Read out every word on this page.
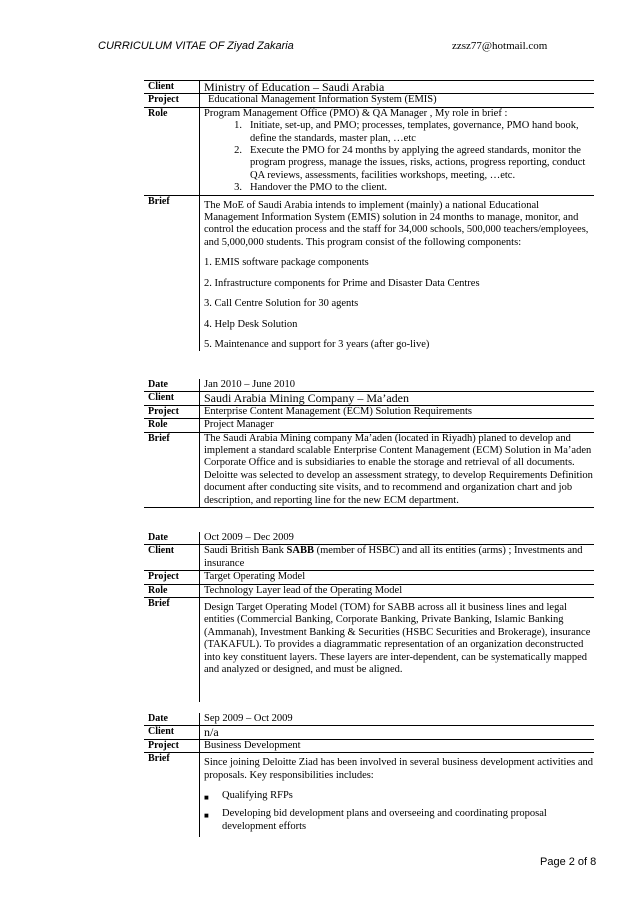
CURRICULUM VITAE OF Ziyad Zakaria	zzsz77@hotmail.com
Client	Ministry of Education – Saudi Arabia
Project	Educational Management Information System (EMIS)
Role	Program Management Office (PMO) & QA Manager , My role in brief :
1. Initiate, set-up, and PMO; processes, templates, governance, PMO hand book, define the standards, master plan, …etc
2. Execute the PMO for 24 months by applying the agreed standards, monitor the program progress, manage the issues, risks, actions, progress reporting, conduct QA reviews, assessments, facilities workshops, meeting, …etc.
3. Handover the PMO to the client.
Brief	The MoE of Saudi Arabia intends to implement (mainly) a national Educational Management Information System (EMIS) solution in 24 months to manage, monitor, and control the education process and the staff for 34,000 schools, 500,000 teachers/employees, and 5,000,000 students. This program consist of the following components:
1. EMIS software package components
2. Infrastructure components for Prime and Disaster Data Centres
3. Call Centre Solution for 30 agents
4. Help Desk Solution
5. Maintenance and support for 3 years (after go-live)
Date	Jan 2010 – June 2010
Client	Saudi Arabia Mining Company – Ma’aden
Project	Enterprise Content Management (ECM) Solution Requirements
Role	Project Manager
Brief	The Saudi Arabia Mining company Ma’aden (located in Riyadh) planed to develop and implement a standard scalable Enterprise Content Management (ECM) Solution in Ma’aden Corporate Office and is subsidiaries to enable the storage and retrieval of all documents. Deloitte was selected to develop an assessment strategy, to develop Requirements Definition document after conducting site visits, and to recommend and organization chart and job description, and reporting line for the new ECM department.
Date	Oct 2009 – Dec 2009
Client	Saudi British Bank SABB (member of HSBC) and all its entities (arms) ; Investments and insurance
Project	Target Operating Model
Role	Technology Layer lead of the Operating Model
Brief	Design Target Operating Model (TOM) for SABB across all it business lines and legal entities (Commercial Banking, Corporate Banking, Private Banking, Islamic Banking (Ammanah), Investment Banking & Securities (HSBC Securities and Brokerage), insurance (TAKAFUL). To provides a diagrammatic representation of an organization deconstructed into key constituent layers. These layers are inter-dependent, can be systematically mapped and analyzed or designed, and must be aligned.
Date	Sep 2009 – Oct 2009
Client	n/a
Project	Business Development
Brief	Since joining Deloitte Ziad has been involved in several business development activities and proposals. Key responsibilities includes:
■	Qualifying RFPs
■	Developing bid development plans and overseeing and coordinating proposal development efforts
Page 2 of 8
